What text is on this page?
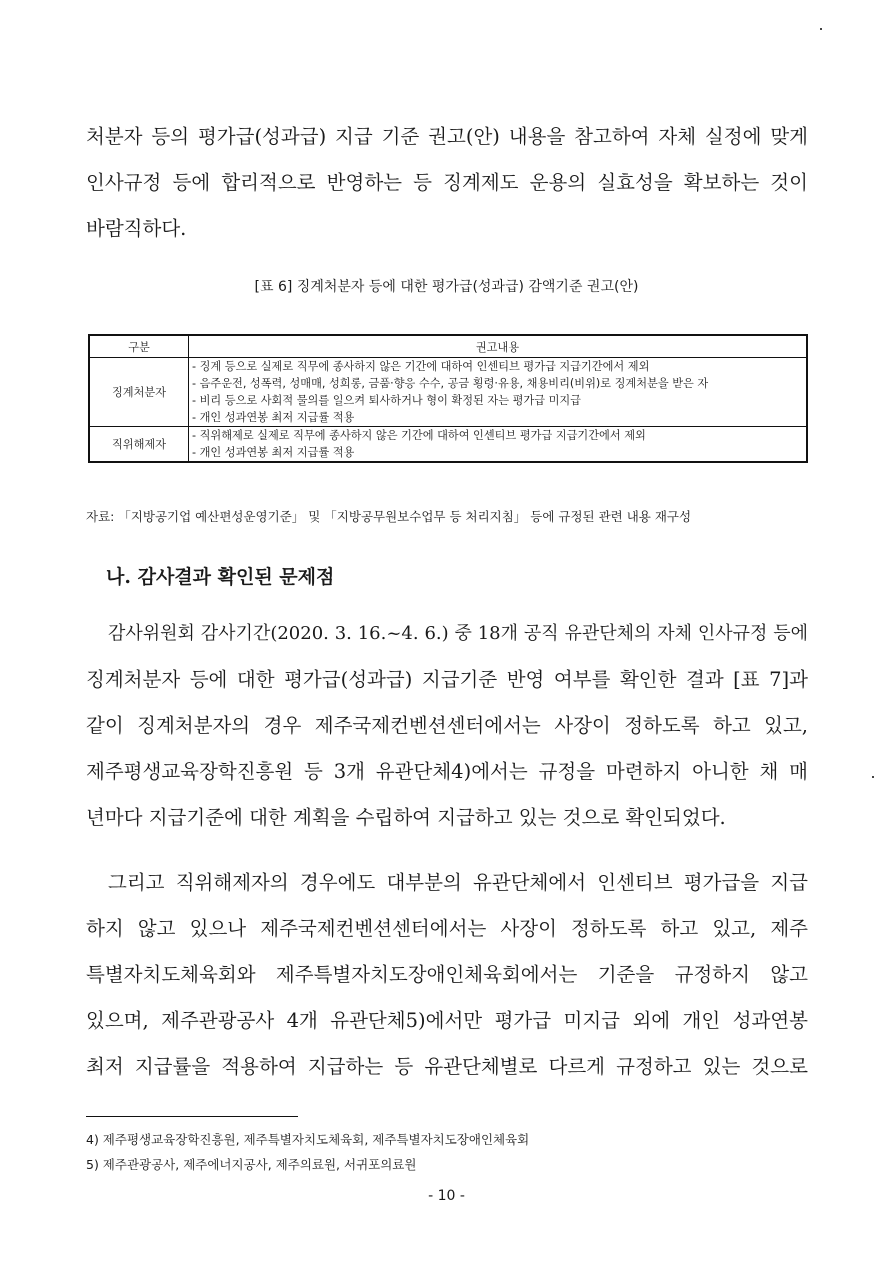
처분자 등의 평가급(성과급) 지급 기준 권고(안) 내용을 참고하여 자체 실정에 맞게
인사규정 등에 합리적으로 반영하는 등 징계제도 운용의 실효성을 확보하는 것이
바람직하다.
[표 6] 징계처분자 등에 대한 평가급(성과급) 감액기준 권고(안)
구분	권고내용
징계처분자	- 징계 등으로 실제로 직무에 종사하지 않은 기간에 대하여 인센티브 평가급 지급기간에서 제외
- 음주운전, 성폭력, 성매매, 성희롱, 금품·향응 수수, 공금 횡령·유용, 채용비리(비위)로 징계처분을 받은 자
- 비리 등으로 사회적 물의를 일으켜 퇴사하거나 형이 확정된 자는 평가급 미지급
- 개인 성과연봉 최저 지급률 적용

직위해제자	- 직위해제로 실제로 직무에 종사하지 않은 기간에 대하여 인센티브 평가급 지급기간에서 제외
- 개인 성과연봉 최저 지급률 적용
자료: 「지방공기업 예산편성운영기준」 및 「지방공무원보수업무 등 처리지침」 등에 규정된 관련 내용 재구성
나. 감사결과 확인된 문제점
감사위원회 감사기간(2020. 3. 16.~4. 6.) 중 18개 공직 유관단체의 자체 인사규정 등에
징계처분자 등에 대한 평가급(성과급) 지급기준 반영 여부를 확인한 결과 [표 7]과
같이 징계처분자의 경우 제주국제컨벤션센터에서는 사장이 정하도록 하고 있고,
제주평생교육장학진흥원 등 3개 유관단체4)에서는 규정을 마련하지 아니한 채 매
년마다 지급기준에 대한 계획을 수립하여 지급하고 있는 것으로 확인되었다.
그리고 직위해제자의 경우에도 대부분의 유관단체에서 인센티브 평가급을 지급
하지 않고 있으나 제주국제컨벤션센터에서는 사장이 정하도록 하고 있고, 제주
특별자치도체육회와 제주특별자치도장애인체육회에서는 기준을 규정하지 않고
있으며, 제주관광공사 4개 유관단체5)에서만 평가급 미지급 외에 개인 성과연봉
최저 지급률을 적용하여 지급하는 등 유관단체별로 다르게 규정하고 있는 것으로
4) 제주평생교육장학진흥원, 제주특별자치도체육회, 제주특별자치도장애인체육회
5) 제주관광공사, 제주에너지공사, 제주의료원, 서귀포의료원
- 10 -
